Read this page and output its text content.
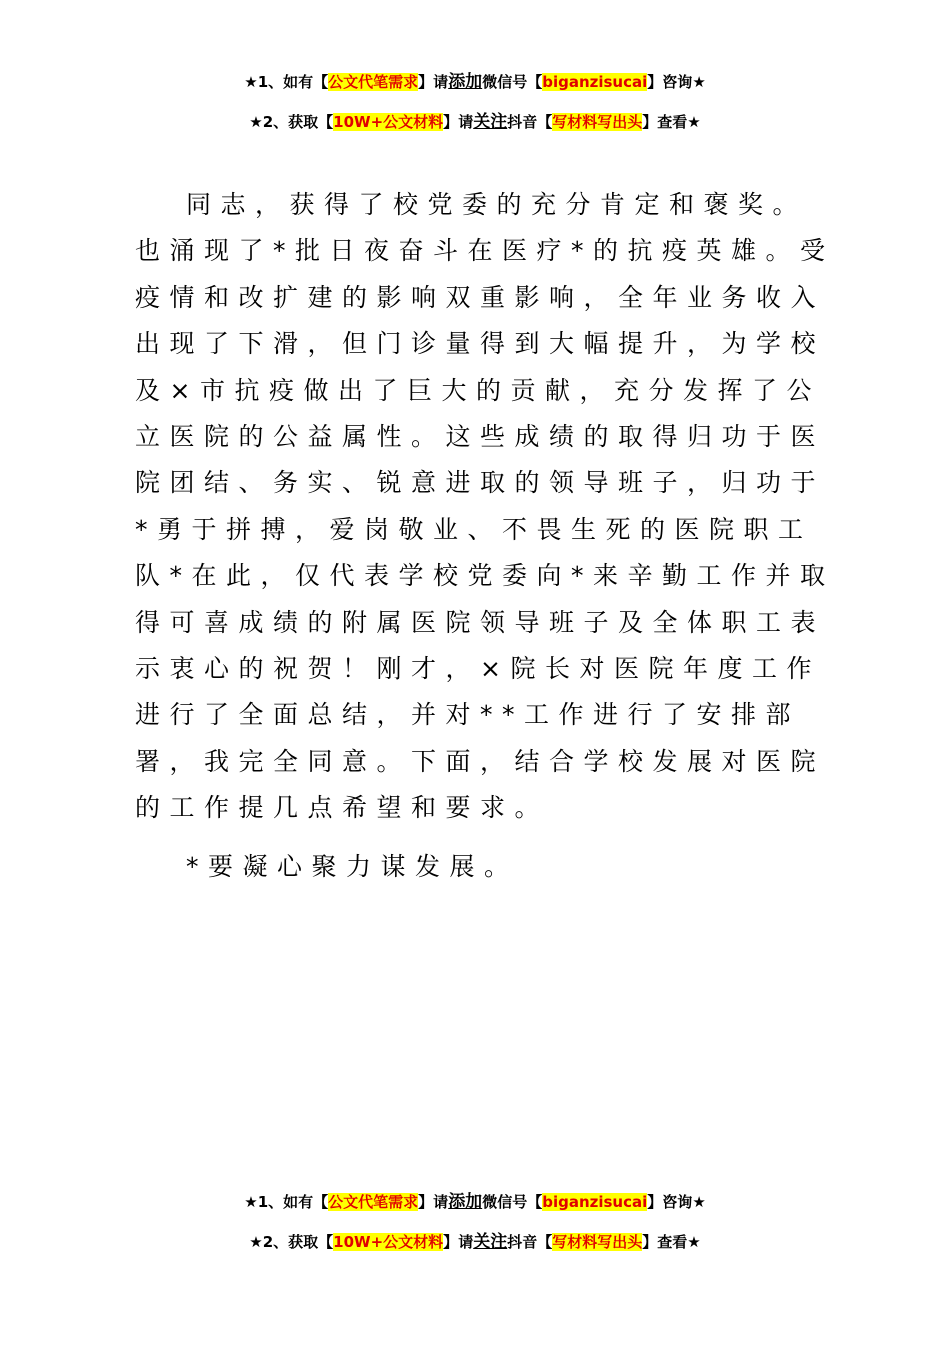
★1、如有【公文代笔需求】请添加微信号【biganzisucai】咨询★
★2、获取【10W+公文材料】请关注抖音【写材料写出头】查看★

同志，获得了校党委的充分肯定和褒奖。也涌现了*批日夜奋斗在医疗*的抗疫英雄。受疫情和改扩建的影响双重影响，全年业务收入出现了下滑，但门诊量得到大幅提升，为学校及×市抗疫做出了巨大的贡献，充分发挥了公立医院的公益属性。这些成绩的取得归功于医院团结、务实、锐意进取的领导班子，归功于*勇于拼搏，爱岗敬业、不畏生死的医院职工队*在此，仅代表学校党委向*来辛勤工作并取得可喜成绩的附属医院领导班子及全体职工表示衷心的祝贺！刚才，×院长对医院年度工作进行了全面总结，并对**工作进行了安排部署，我完全同意。下面，结合学校发展对医院的工作提几点希望和要求。

*要凝心聚力谋发展。

★1、如有【公文代笔需求】请添加微信号【biganzisucai】咨询★
★2、获取【10W+公文材料】请关注抖音【写材料写出头】查看★
